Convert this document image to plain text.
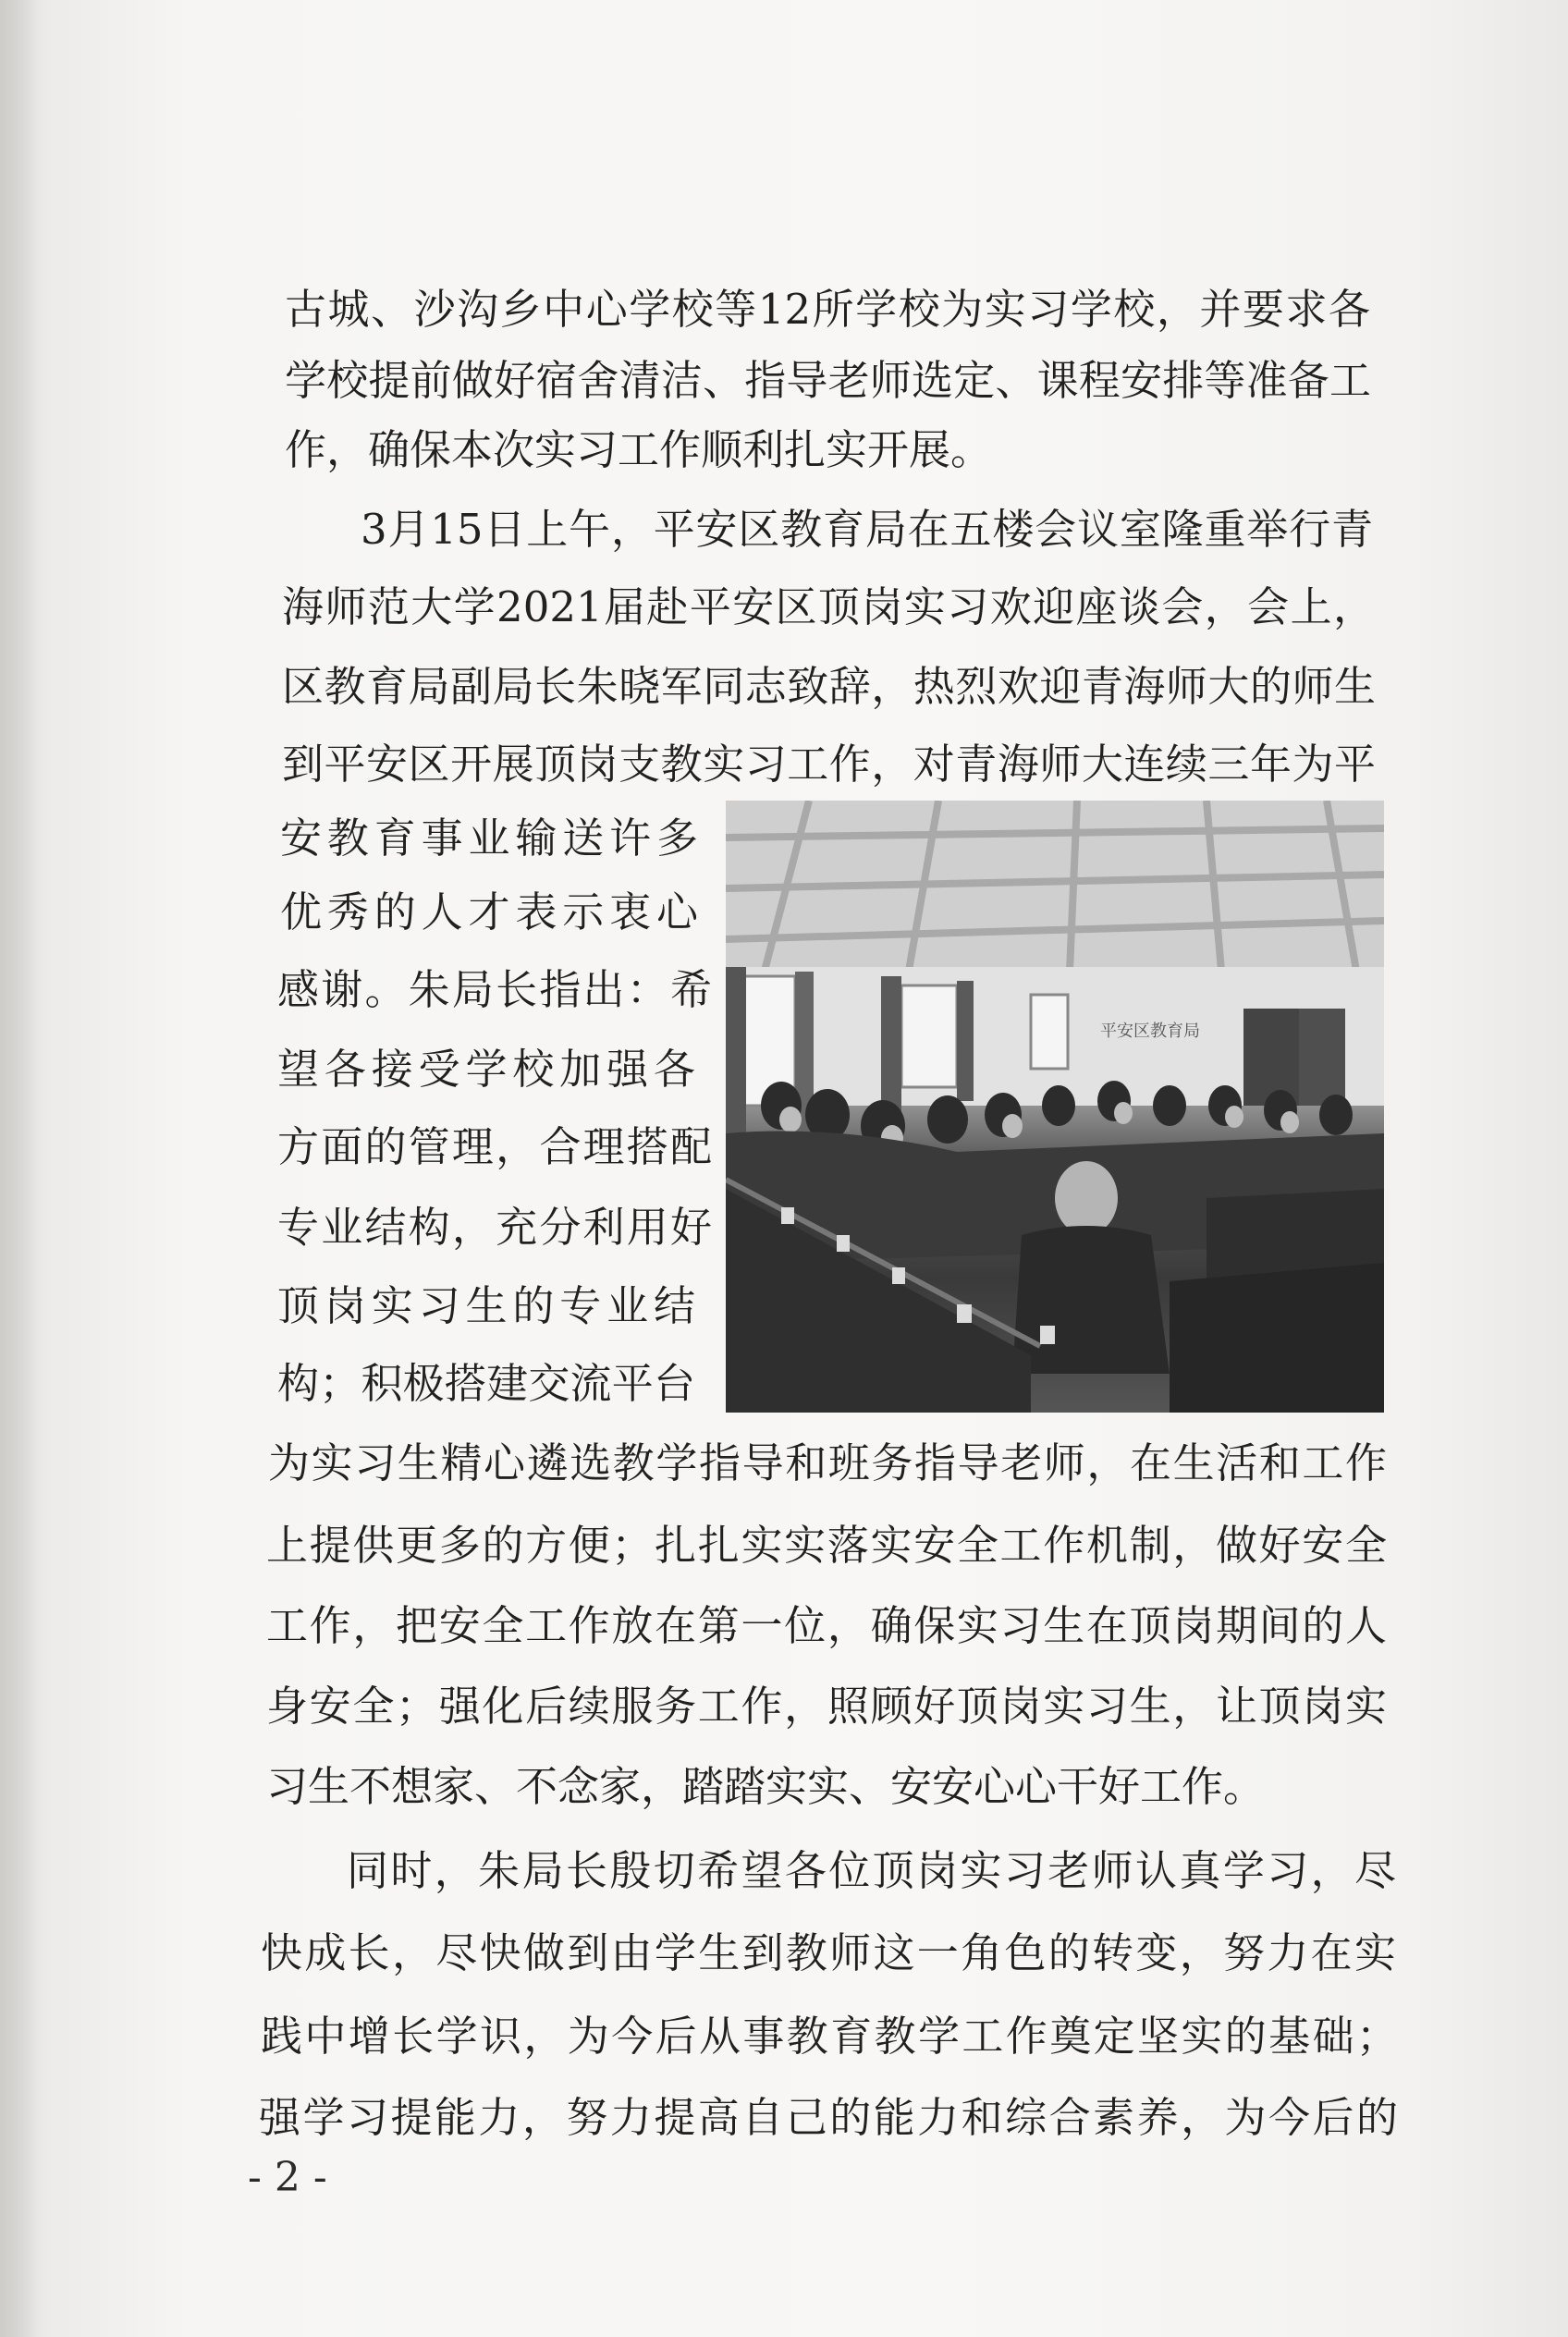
古城、沙沟乡中心学校等12所学校为实习学校，并要求各
学校提前做好宿舍清洁、指导老师选定、课程安排等准备工
作，确保本次实习工作顺利扎实开展。
3月15日上午，平安区教育局在五楼会议室隆重举行青
海师范大学2021届赴平安区顶岗实习欢迎座谈会，会上，
区教育局副局长朱晓军同志致辞，热烈欢迎青海师大的师生
到平安区开展顶岗支教实习工作，对青海师大连续三年为平
安教育事业输送许多
优秀的人才表示衷心
感谢。朱局长指出：希
望各接受学校加强各
方面的管理，合理搭配
专业结构，充分利用好
顶岗实习生的专业结
构；积极搭建交流平台
平安区教育局
为实习生精心遴选教学指导和班务指导老师，在生活和工作
上提供更多的方便；扎扎实实落实安全工作机制，做好安全
工作，把安全工作放在第一位，确保实习生在顶岗期间的人
身安全；强化后续服务工作，照顾好顶岗实习生，让顶岗实
习生不想家、不念家，踏踏实实、安安心心干好工作。
同时，朱局长殷切希望各位顶岗实习老师认真学习，尽
快成长，尽快做到由学生到教师这一角色的转变，努力在实
践中增长学识，为今后从事教育教学工作奠定坚实的基础；
强学习提能力，努力提高自己的能力和综合素养，为今后的
- 2 -
